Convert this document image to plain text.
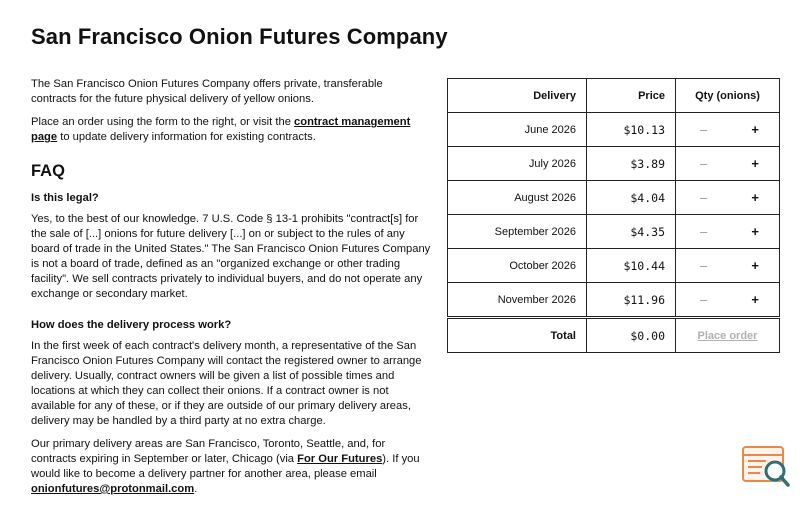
San Francisco Onion Futures Company

The San Francisco Onion Futures Company offers private, transferable contracts for the future physical delivery of yellow onions.

Place an order using the form to the right, or visit the contract management page to update delivery information for existing contracts.

FAQ
Is this legal?

Yes, to the best of our knowledge. 7 U.S. Code § 13-1 prohibits "contract[s] for the sale of [...] onions for future delivery [...] on or subject to the rules of any board of trade in the United States." The San Francisco Onion Futures Company is not a board of trade, defined as an "organized exchange or other trading facility". We sell contracts privately to individual buyers, and do not operate any exchange or secondary market.

How does the delivery process work?

In the first week of each contract's delivery month, a representative of the San Francisco Onion Futures Company will contact the registered owner to arrange delivery. Usually, contract owners will be given a list of possible times and locations at which they can collect their onions. If a contract owner is not available for any of these, or if they are outside of our primary delivery areas, delivery may be handled by a third party at no extra charge.

Our primary delivery areas are San Francisco, Toronto, Seattle, and, for contracts expiring in September or later, Chicago (via For Our Futures). If you would like to become a delivery partner for another area, please email
onionfutures@protonmail.com.

Delivery	Price	Qty (onions)
June 2026	$10.13	– +

July 2026	$3.89	– +

August 2026	$4.04	– +

September 2026	$4.35	– +

October 2026	$10.44	– +

November 2026	$11.96	– +

Total	$0.00	Place order
